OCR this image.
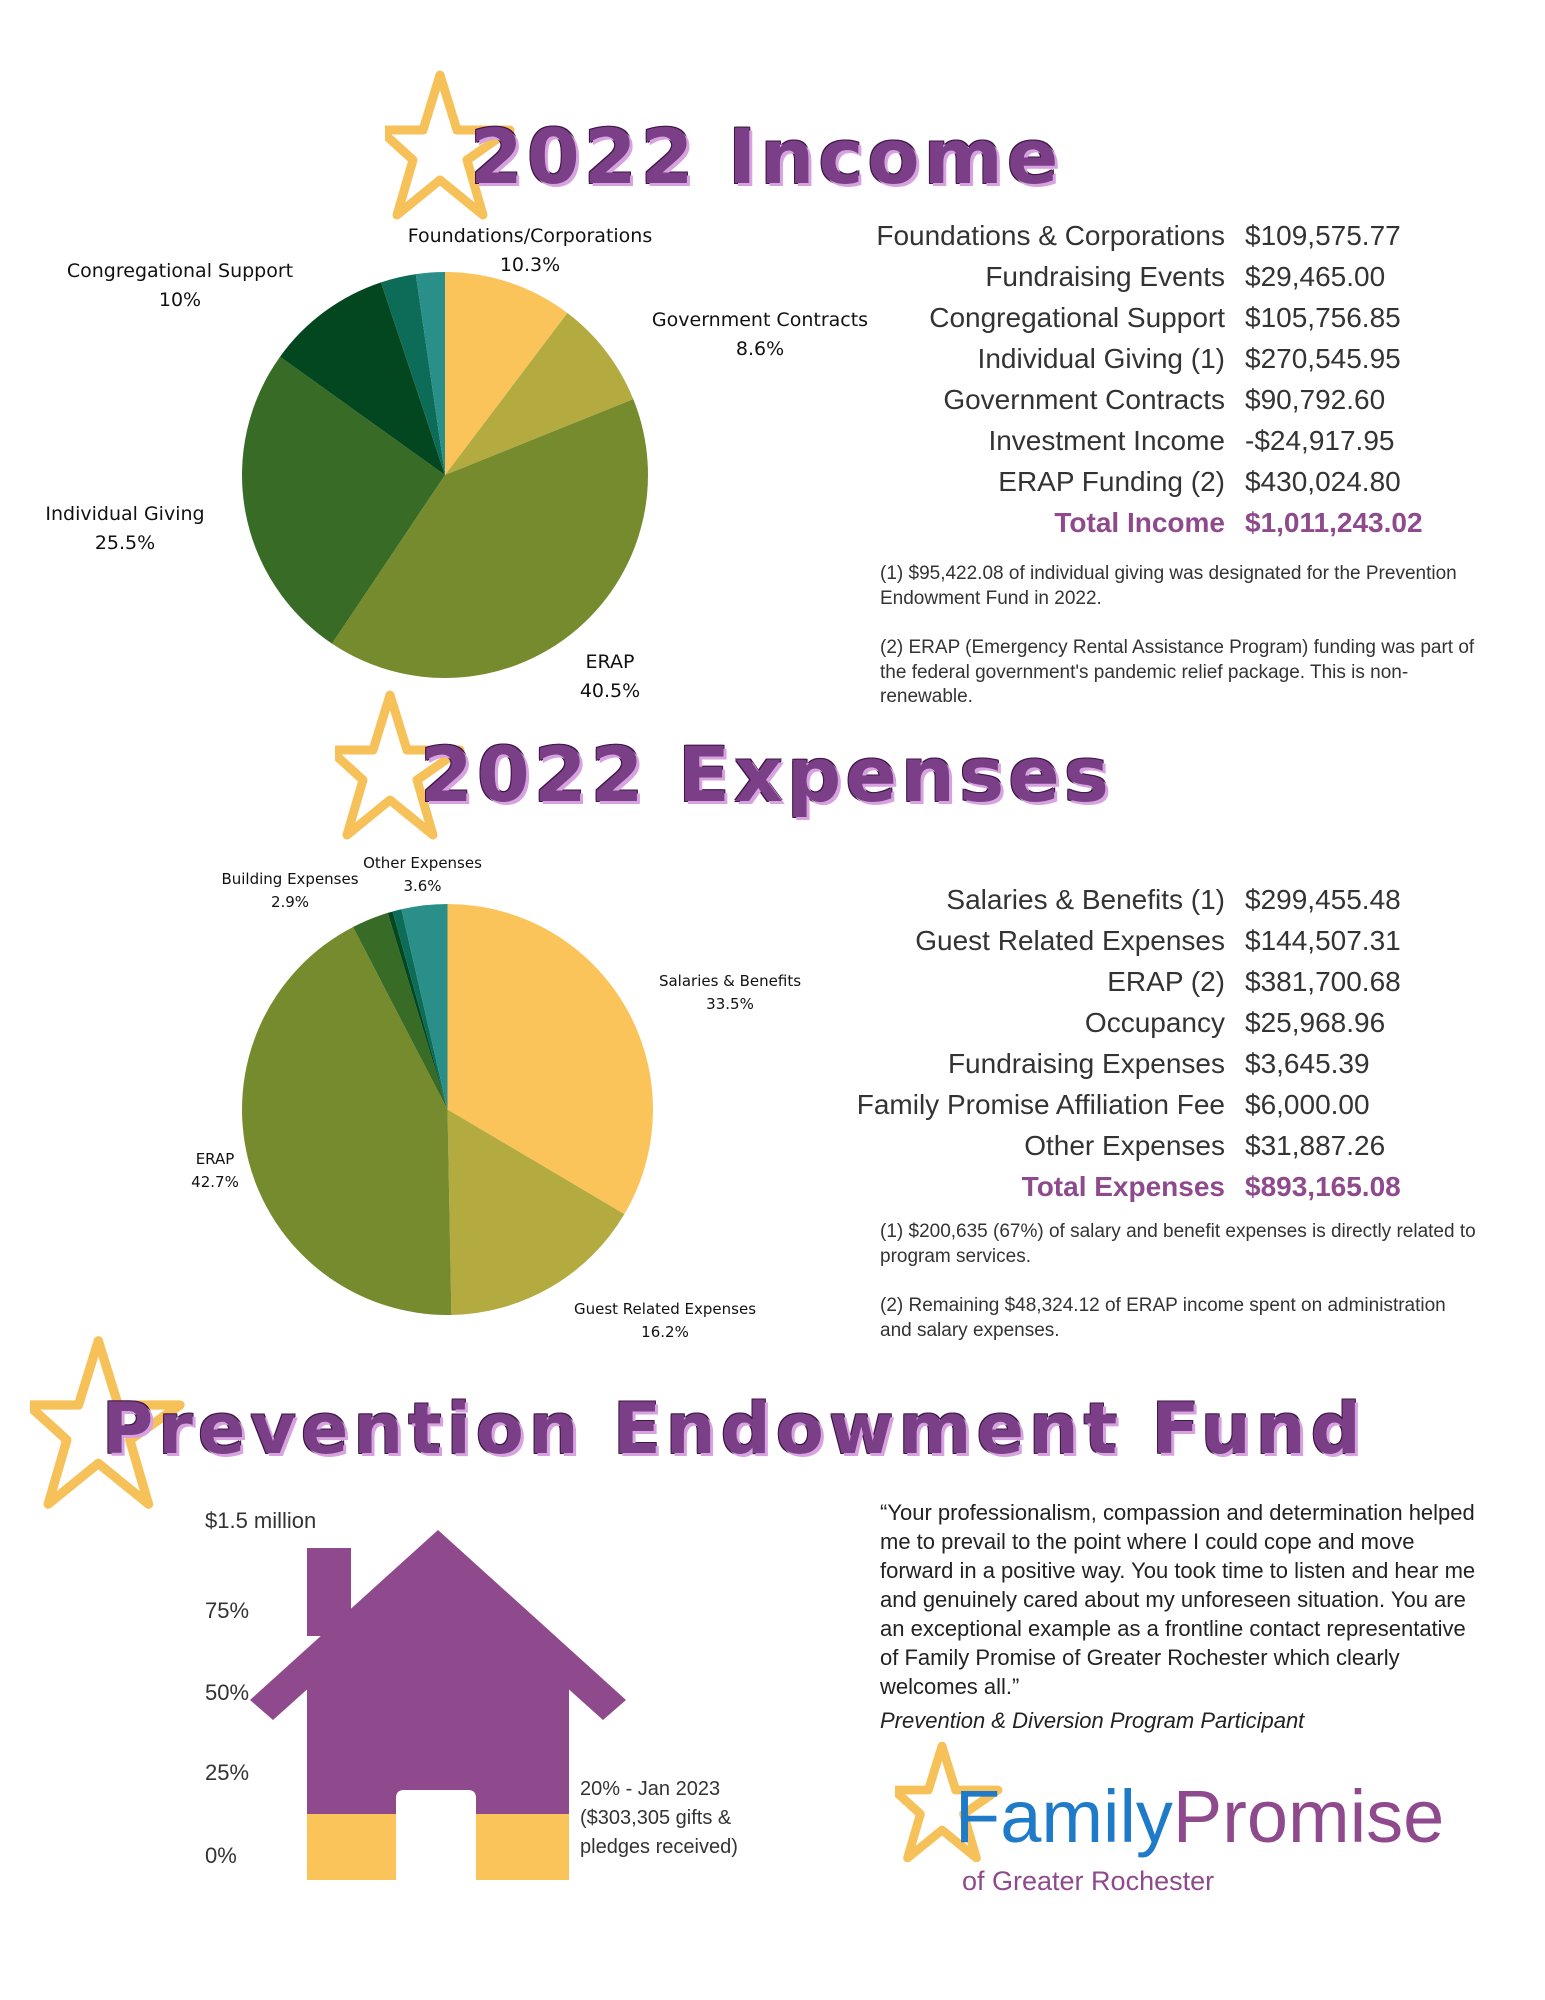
2022 Income
Foundations/Corporations
10.3%
Government Contracts
8.6%
ERAP
40.5%
Individual Giving
25.5%
Congregational Support
10%
Foundations & Corporations $109,575.77
Fundraising Events $29,465.00
Congregational Support $105,756.85
Individual Giving (1) $270,545.95
Government Contracts $90,792.60
Investment Income -$24,917.95
ERAP Funding (2) $430,024.80
Total Income $1,011,243.02
(1) $95,422.08 of individual giving was designated for the Prevention Endowment Fund in 2022.
(2) ERAP (Emergency Rental Assistance Program) funding was part of the federal government's pandemic relief package. This is non-renewable.
2022 Expenses
Salaries & Benefits
33.5%
Guest Related Expenses
16.2%
ERAP
42.7%
Building Expenses
2.9%
Other Expenses
3.6%	Salaries & Benefits (1) $299,455.48
Guest Related Expenses $144,507.31
ERAP (2) $381,700.68
Occupancy $25,968.96
Fundraising Expenses $3,645.39
Family Promise Affiliation Fee $6,000.00
Other Expenses $31,887.26
Total Expenses $893,165.08
(1) $200,635 (67%) of salary and benefit expenses is directly related to program services.
(2) Remaining $48,324.12 of ERAP income spent on administration and salary expenses.
Prevention Endowment Fund
$1.5 million
75%
50%
25%
0%
20% - Jan 2023
($303,305 gifts &
pledges received)
“Your professionalism, compassion and determination helped me to prevail to the point where I could cope and move forward in a positive way. You took time to listen and hear me and genuinely cared about my unforeseen situation. You are an exceptional example as a frontline contact representative of Family Promise of Greater Rochester which clearly welcomes all.”
Prevention & Diversion Program Participant
FamilyPromise
of Greater Rochester
